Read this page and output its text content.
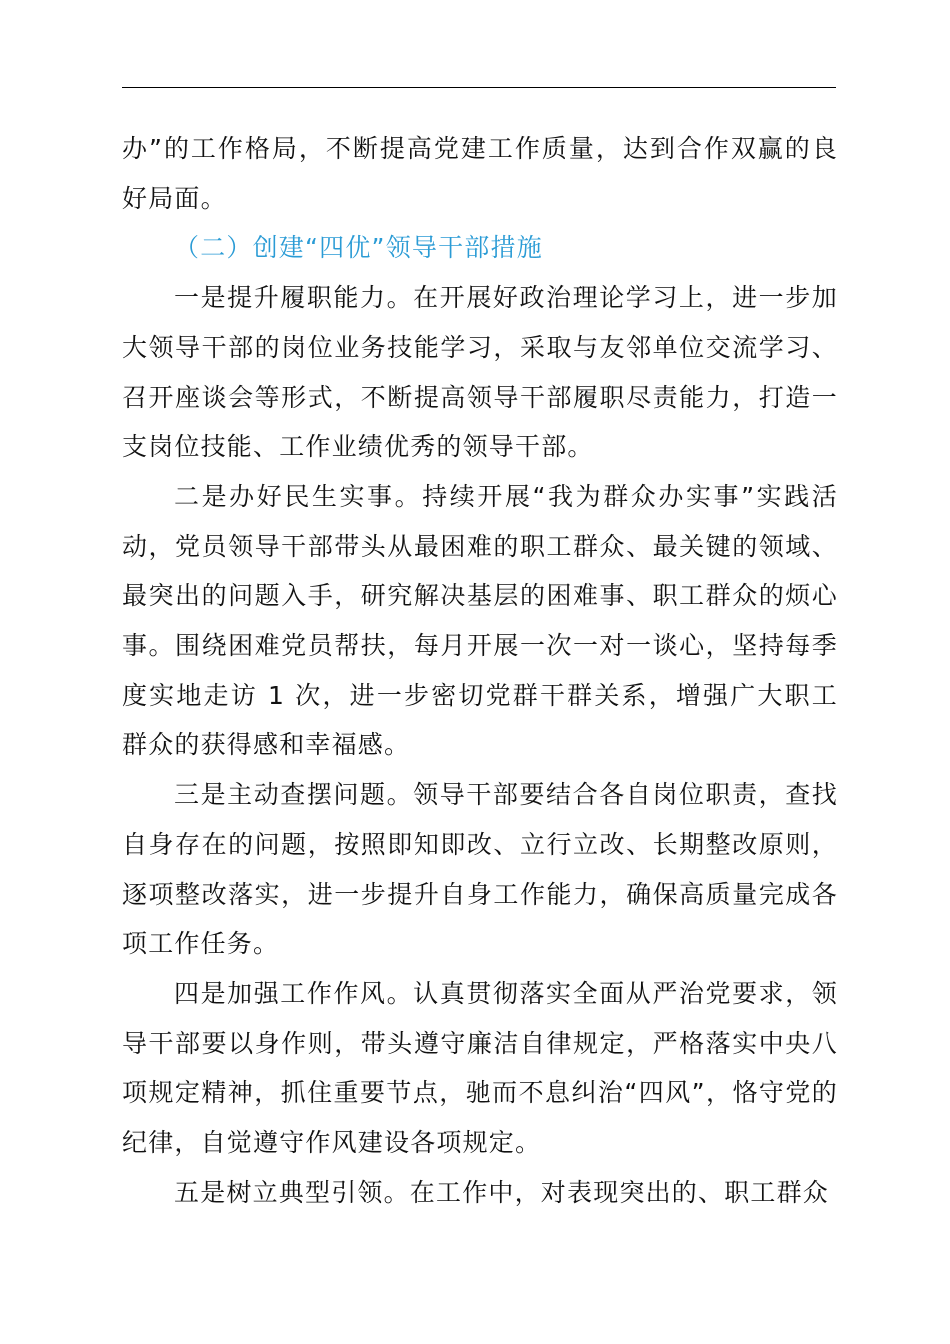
办”的工作格局，不断提高党建工作质量，达到合作双赢的良好局面。

（二）创建“四优”领导干部措施

一是提升履职能力。在开展好政治理论学习上，进一步加大领导干部的岗位业务技能学习，采取与友邻单位交流学习、召开座谈会等形式，不断提高领导干部履职尽责能力，打造一支岗位技能、工作业绩优秀的领导干部。

二是办好民生实事。持续开展“我为群众办实事”实践活动，党员领导干部带头从最困难的职工群众、最关键的领域、最突出的问题入手，研究解决基层的困难事、职工群众的烦心事。围绕困难党员帮扶，每月开展一次一对一谈心，坚持每季度实地走访 1 次，进一步密切党群干群关系，增强广大职工群众的获得感和幸福感。

三是主动查摆问题。领导干部要结合各自岗位职责，查找自身存在的问题，按照即知即改、立行立改、长期整改原则，逐项整改落实，进一步提升自身工作能力，确保高质量完成各项工作任务。

四是加强工作作风。认真贯彻落实全面从严治党要求，领导干部要以身作则，带头遵守廉洁自律规定，严格落实中央八项规定精神，抓住重要节点，驰而不息纠治“四风”，恪守党的纪律，自觉遵守作风建设各项规定。

五是树立典型引领。在工作中，对表现突出的、职工群众
